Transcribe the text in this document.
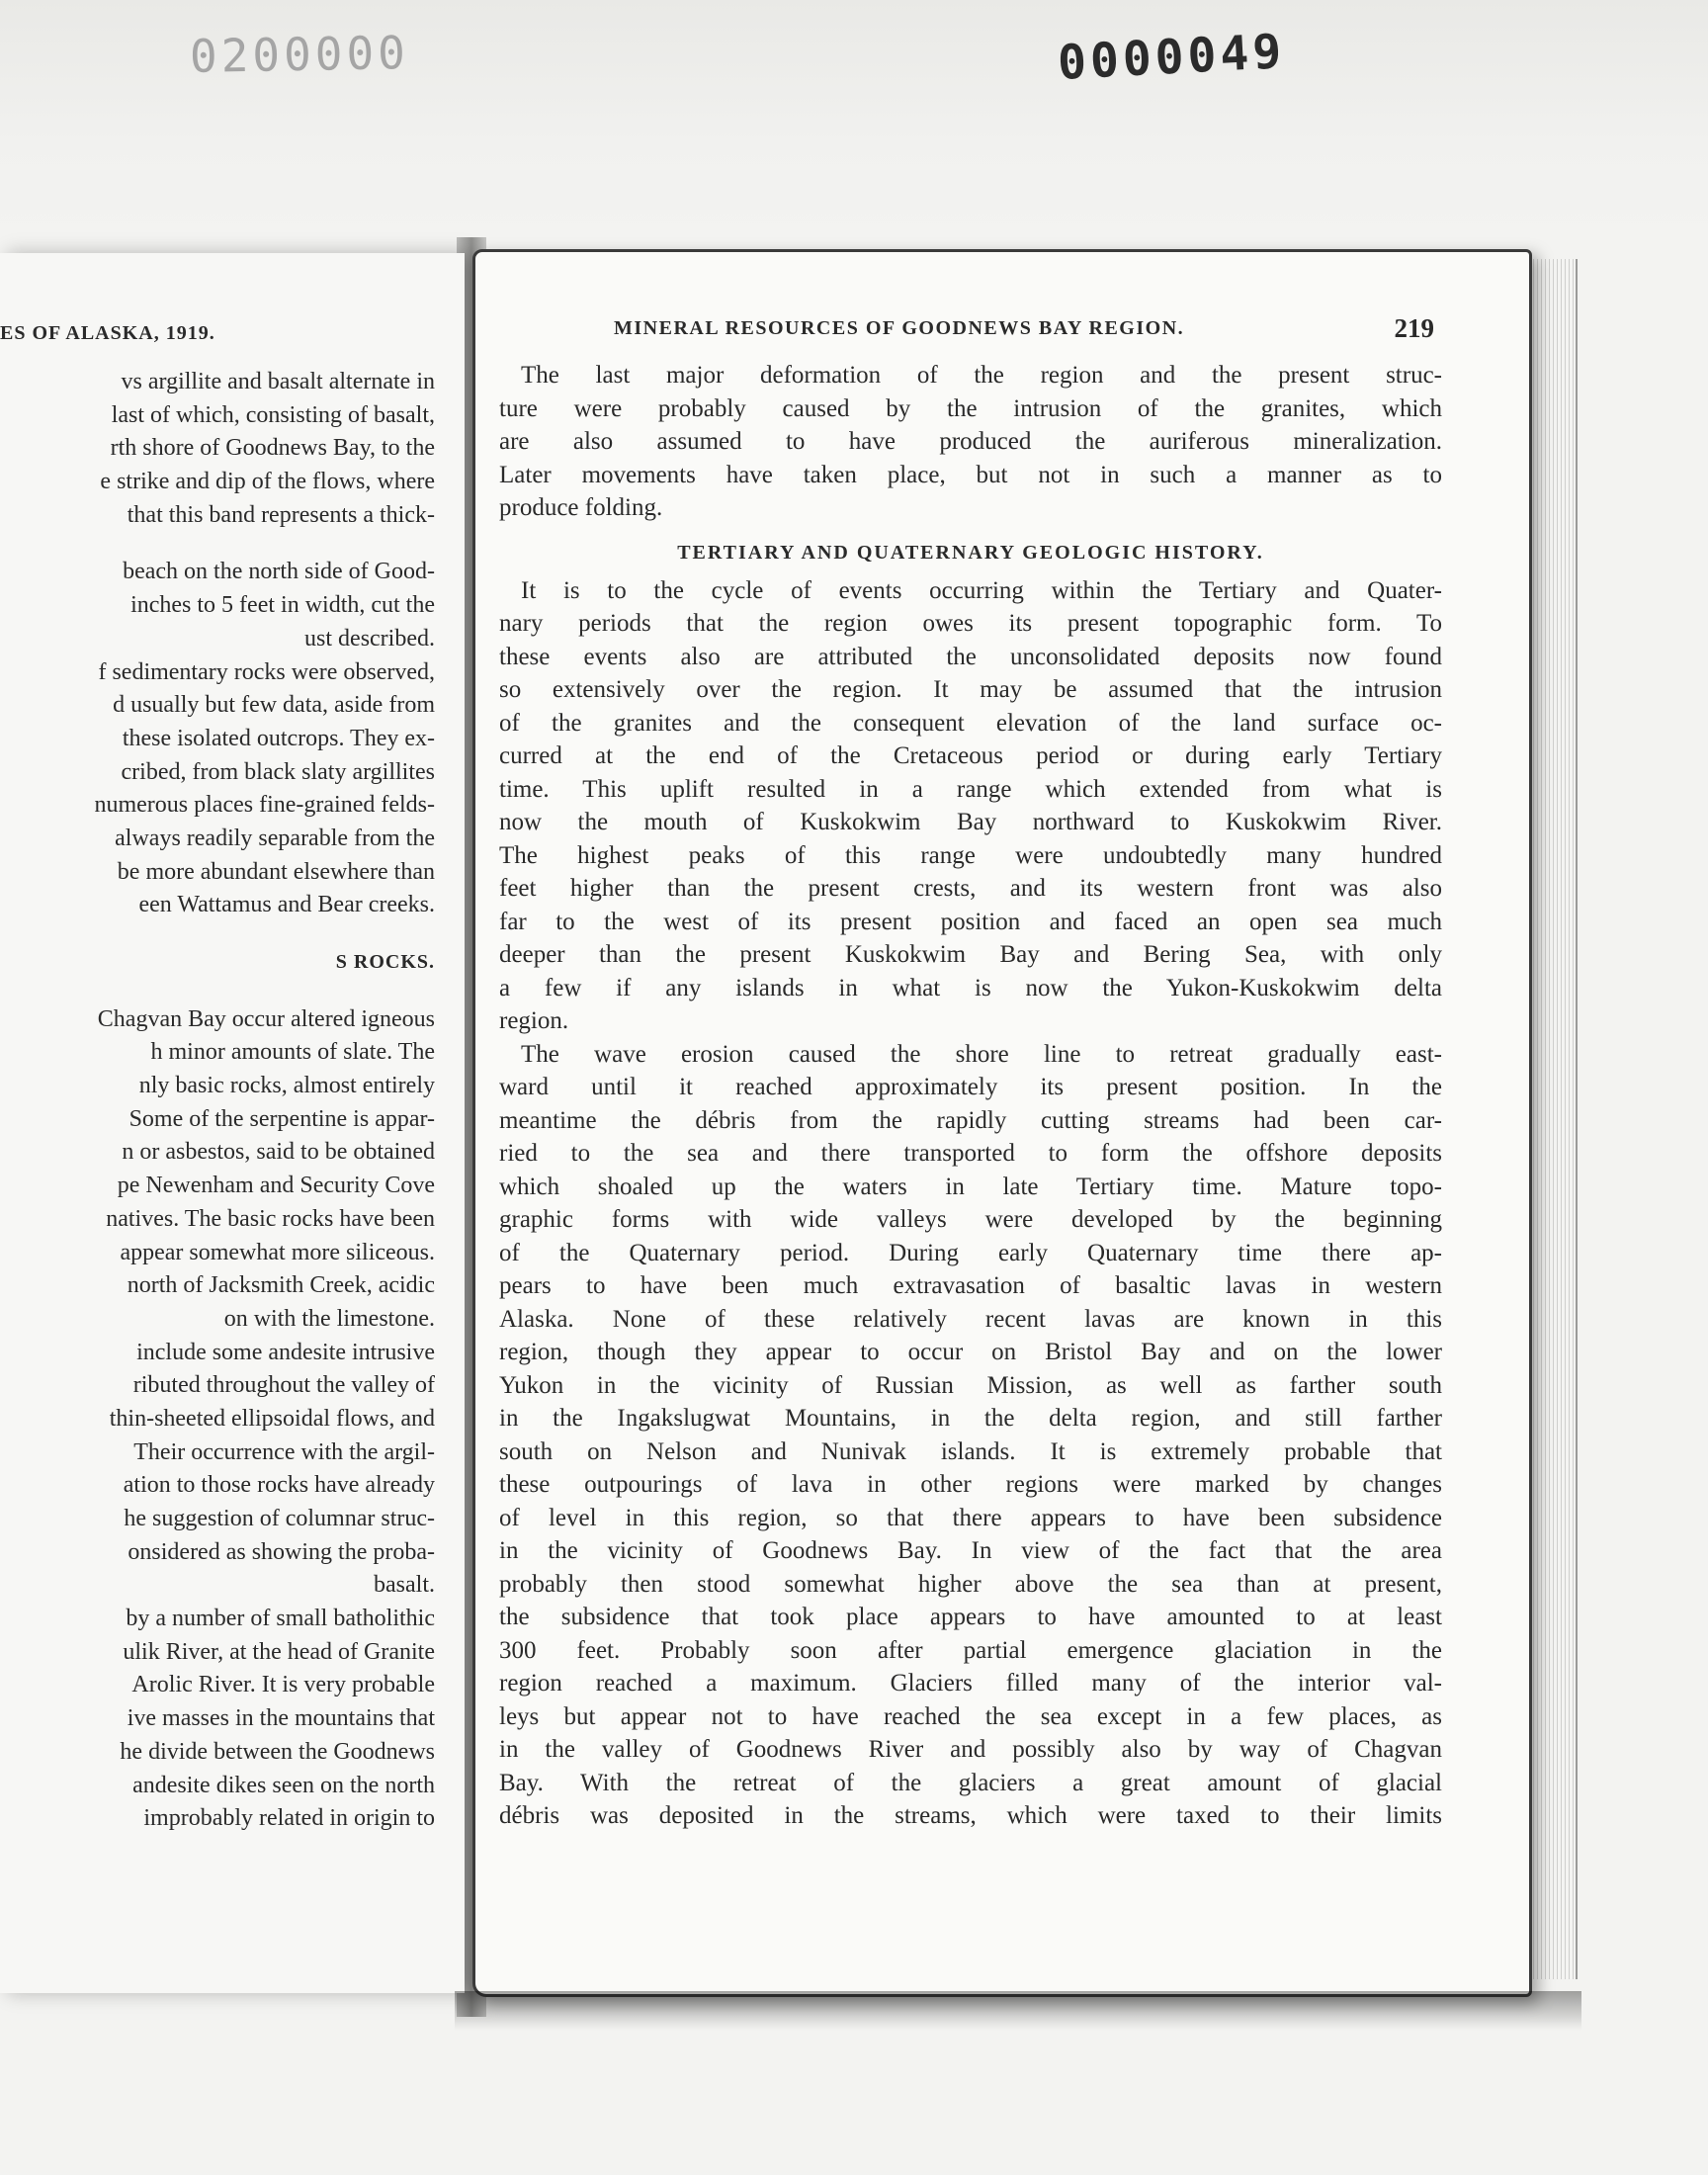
0200000	0000049
ES OF ALASKA, 1919.
vs argillite and basalt alternate in
last of which, consisting of basalt,
rth shore of Goodnews Bay, to the
e strike and dip of the flows, where
that this band represents a thick-
beach on the north side of Good-
inches to 5 feet in width, cut the
ust described.
f sedimentary rocks were observed,
d usually but few data, aside from
these isolated outcrops. They ex-
cribed, from black slaty argillites
numerous places fine-grained felds-
always readily separable from the
be more abundant elsewhere than
een Wattamus and Bear creeks.
S ROCKS.
Chagvan Bay occur altered igneous
h minor amounts of slate. The
nly basic rocks, almost entirely
Some of the serpentine is appar-
n or asbestos, said to be obtained
pe Newenham and Security Cove
natives. The basic rocks have been
appear somewhat more siliceous.
north of Jacksmith Creek, acidic
on with the limestone.
include some andesite intrusive
ributed throughout the valley of
thin-sheeted ellipsoidal flows, and
Their occurrence with the argil-
ation to those rocks have already
he suggestion of columnar struc-
onsidered as showing the proba-
basalt.
by a number of small batholithic
ulik River, at the head of Granite
Arolic River. It is very probable
ive masses in the mountains that
he divide between the Goodnews
andesite dikes seen on the north
improbably related in origin to
MINERAL RESOURCES OF GOODNEWS BAY REGION.	219
The last major deformation of the region and the present struc-
ture were probably caused by the intrusion of the granites, which
are also assumed to have produced the auriferous mineralization.
Later movements have taken place, but not in such a manner as to
produce folding.
TERTIARY AND QUATERNARY GEOLOGIC HISTORY.
It is to the cycle of events occurring within the Tertiary and Quater-
nary periods that the region owes its present topographic form. To
these events also are attributed the unconsolidated deposits now found
so extensively over the region. It may be assumed that the intrusion
of the granites and the consequent elevation of the land surface oc-
curred at the end of the Cretaceous period or during early Tertiary
time. This uplift resulted in a range which extended from what is
now the mouth of Kuskokwim Bay northward to Kuskokwim River.
The highest peaks of this range were undoubtedly many hundred
feet higher than the present crests, and its western front was also
far to the west of its present position and faced an open sea much
deeper than the present Kuskokwim Bay and Bering Sea, with only
a few if any islands in what is now the Yukon-Kuskokwim delta
region.
The wave erosion caused the shore line to retreat gradually east-
ward until it reached approximately its present position. In the
meantime the débris from the rapidly cutting streams had been car-
ried to the sea and there transported to form the offshore deposits
which shoaled up the waters in late Tertiary time. Mature topo-
graphic forms with wide valleys were developed by the beginning
of the Quaternary period. During early Quaternary time there ap-
pears to have been much extravasation of basaltic lavas in western
Alaska. None of these relatively recent lavas are known in this
region, though they appear to occur on Bristol Bay and on the lower
Yukon in the vicinity of Russian Mission, as well as farther south
in the Ingakslugwat Mountains, in the delta region, and still farther
south on Nelson and Nunivak islands. It is extremely probable that
these outpourings of lava in other regions were marked by changes
of level in this region, so that there appears to have been subsidence
in the vicinity of Goodnews Bay. In view of the fact that the area
probably then stood somewhat higher above the sea than at present,
the subsidence that took place appears to have amounted to at least
300 feet. Probably soon after partial emergence glaciation in the
region reached a maximum. Glaciers filled many of the interior val-
leys but appear not to have reached the sea except in a few places, as
in the valley of Goodnews River and possibly also by way of Chagvan
Bay. With the retreat of the glaciers a great amount of glacial
débris was deposited in the streams, which were taxed to their limits
